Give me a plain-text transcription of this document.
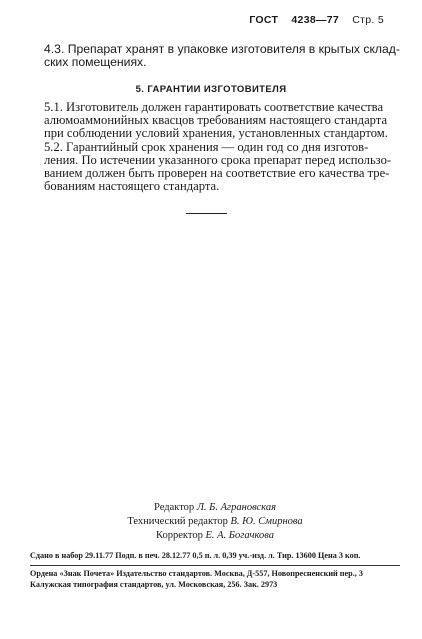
ГОСТ 4238—77 Стр. 5
4.3. Препарат хранят в упаковке изготовителя в крытых склад-
ских помещениях.
5. ГАРАНТИИ ИЗГОТОВИТЕЛЯ
5.1. Изготовитель должен гарантировать соответствие качества
алюмоаммонийных квасцов требованиям настоящего стандарта
при соблюдении условий хранения, установленных стандартом.
5.2. Гарантийный срок хранения — один год со дня изготов-
ления. По истечении указанного срока препарат перед использо-
ванием должен быть проверен на соответствие его качества тре-
бованиям настоящего стандарта.
Редактор Л. Б. Аграновская
Технический редактор В. Ю. Смирнова
Корректор Е. А. Богачкова
Сдано в набор 29.11.77 Подп. в печ. 28.12.77 0,5 п. л. 0,39 уч.-изд. л. Тир. 13600 Цена 3 коп.
Ордена «Знак Почета» Издательство стандартов. Москва, Д-557, Новопресненский пер., 3
Калужская типография стандартов, ул. Московская, 256. Зак. 2973
